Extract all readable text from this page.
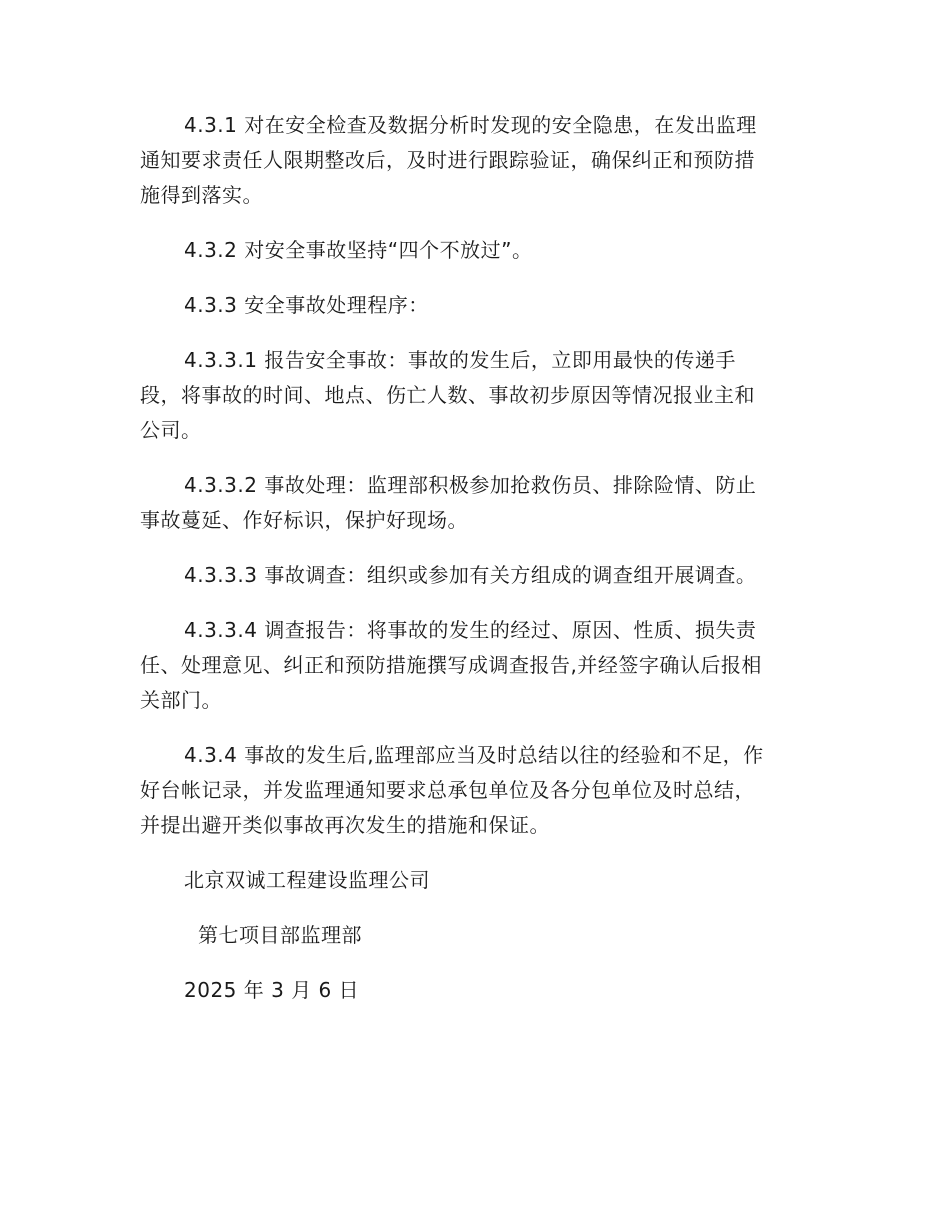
4.3.1 对在安全检查及数据分析时发现的安全隐患，在发出监理
通知要求责任人限期整改后，及时进行跟踪验证，确保纠正和预防措
施得到落实。

4.3.2 对安全事故坚持“四个不放过”。

4.3.3 安全事故处理程序：

4.3.3.1 报告安全事故：事故的发生后，立即用最快的传递手
段，将事故的时间、地点、伤亡人数、事故初步原因等情况报业主和
公司。

4.3.3.2 事故处理：监理部积极参加抢救伤员、排除险情、防止
事故蔓延、作好标识，保护好现场。

4.3.3.3 事故调查：组织或参加有关方组成的调查组开展调查。

4.3.3.4 调查报告：将事故的发生的经过、原因、性质、损失责
任、处理意见、纠正和预防措施撰写成调查报告,并经签字确认后报相
关部门。

4.3.4 事故的发生后,监理部应当及时总结以往的经验和不足，作
好台帐记录，并发监理通知要求总承包单位及各分包单位及时总结，
并提出避开类似事故再次发生的措施和保证。

北京双诚工程建设监理公司
第七项目部监理部
2025 年 3 月 6 日
